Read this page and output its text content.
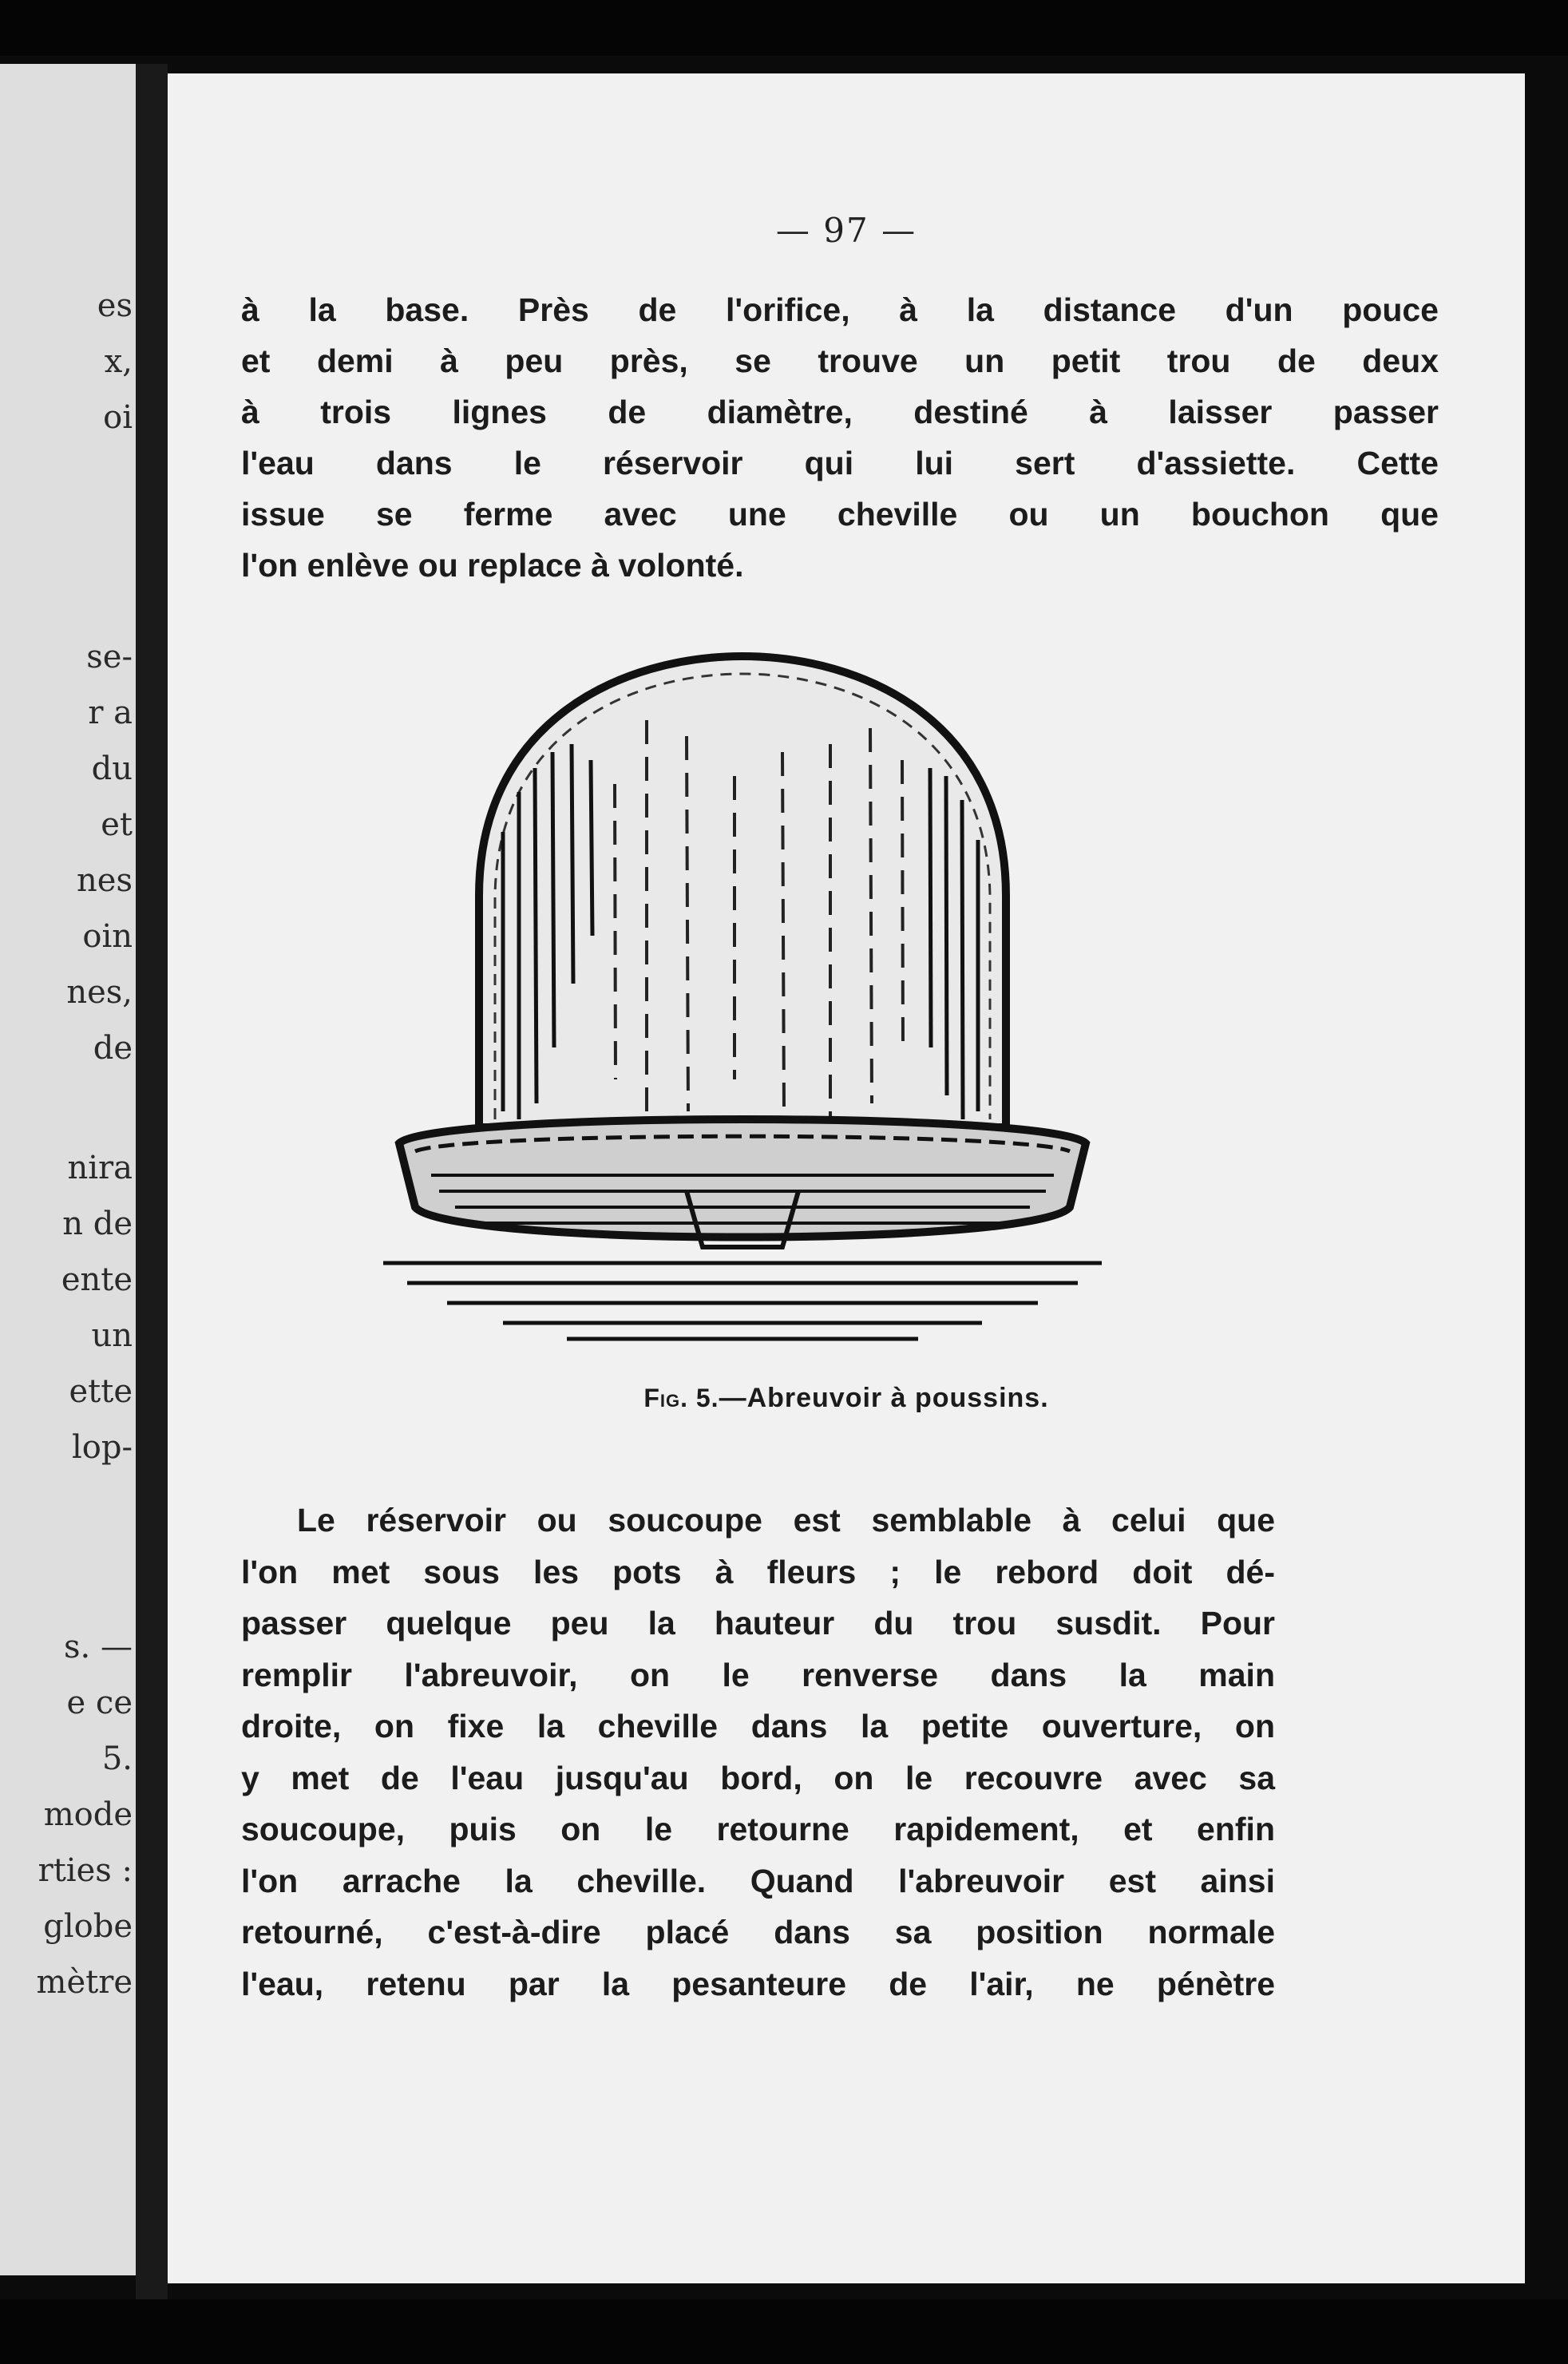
es
x,
oi
se-
r a
du
et
nes
oin
nes,
de
nira
n de
ente
un
ette
lop-
s. —
e ce
5.
mode
rties :
globe
mètre
— 97 —
à la base. Près de l'orifice, à la distance d'un pouce
et demi à peu près, se trouve un petit trou de deux
à trois lignes de diamètre, destiné à laisser passer
l'eau dans le réservoir qui lui sert d'assiette. Cette
issue se ferme avec une cheville ou un bouchon que
l'on enlève ou replace à volonté.
Fig. 5.—Abreuvoir à poussins.
Le réservoir ou soucoupe est semblable à celui que
l'on met sous les pots à fleurs ; le rebord doit dé-
passer quelque peu la hauteur du trou susdit. Pour
remplir l'abreuvoir, on le renverse dans la main
droite, on fixe la cheville dans la petite ouverture, on
y met de l'eau jusqu'au bord, on le recouvre avec sa
soucoupe, puis on le retourne rapidement, et enfin
l'on arrache la cheville. Quand l'abreuvoir est ainsi
retourné, c'est-à-dire placé dans sa position normale
l'eau, retenu par la pesanteure de l'air, ne pénètre
